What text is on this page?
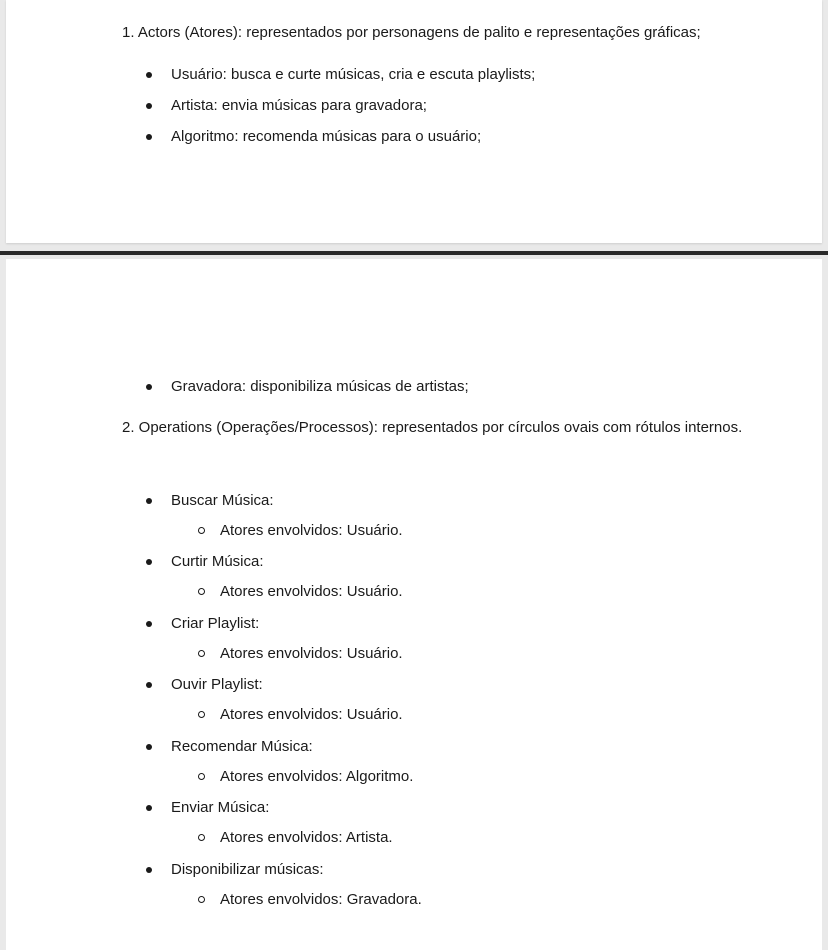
1. Actors (Atores): representados por personagens de palito e representações gráficas;

Usuário: busca e curte músicas, cria e escuta playlists;
Artista: envia músicas para gravadora;
Algoritmo: recomenda músicas para o usuário;
Gravadora: disponibiliza músicas de artistas;

2. Operations (Operações/Processos): representados por círculos ovais com rótulos internos.

Buscar Música:
Atores envolvidos: Usuário.
Curtir Música:
Atores envolvidos: Usuário.
Criar Playlist:
Atores envolvidos: Usuário.
Ouvir Playlist:
Atores envolvidos: Usuário.
Recomendar Música:
Atores envolvidos: Algoritmo.
Enviar Música:
Atores envolvidos: Artista.
Disponibilizar músicas:
Atores envolvidos: Gravadora.
